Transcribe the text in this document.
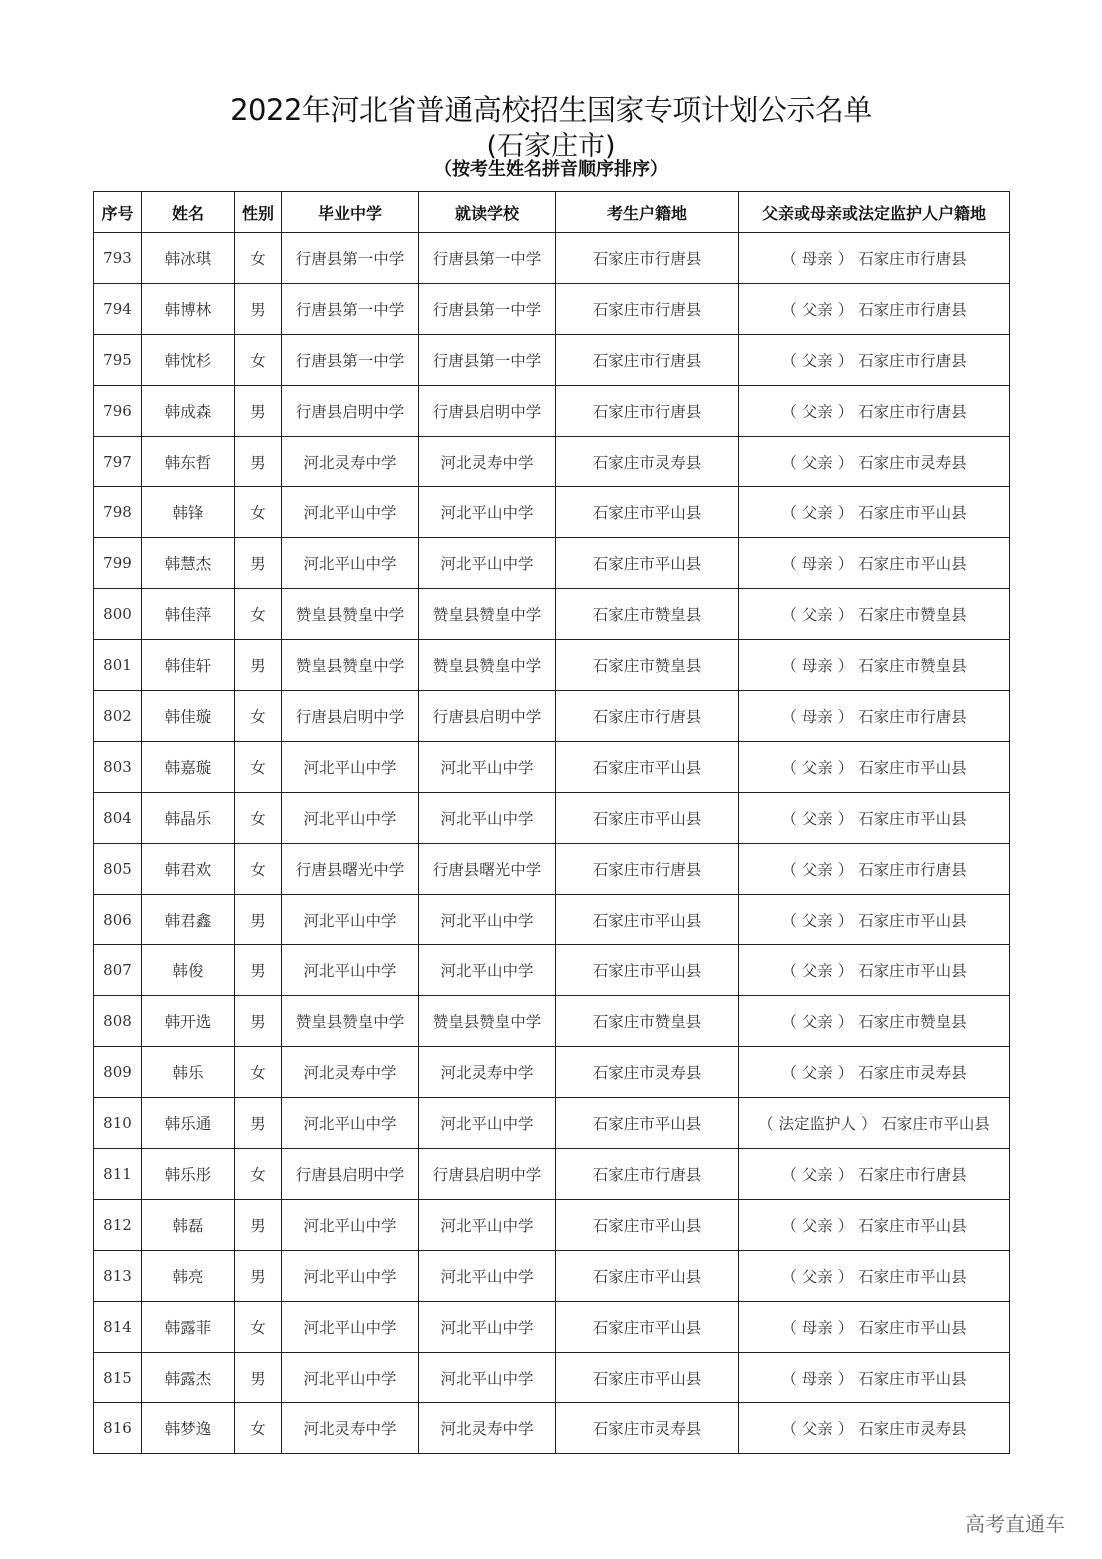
2022年河北省普通高校招生国家专项计划公示名单
(石家庄市)
（按考生姓名拼音顺序排序）
序号	姓名	性别	毕业中学	就读学校	考生户籍地	父亲或母亲或法定监护人户籍地
793	韩冰琪	女	行唐县第一中学	行唐县第一中学	石家庄市行唐县	（ 母亲 ） 石家庄市行唐县
794	韩博林	男	行唐县第一中学	行唐县第一中学	石家庄市行唐县	（ 父亲 ） 石家庄市行唐县
795	韩忱杉	女	行唐县第一中学	行唐县第一中学	石家庄市行唐县	（ 父亲 ） 石家庄市行唐县
796	韩成森	男	行唐县启明中学	行唐县启明中学	石家庄市行唐县	（ 父亲 ） 石家庄市行唐县
797	韩东哲	男	河北灵寿中学	河北灵寿中学	石家庄市灵寿县	（ 父亲 ） 石家庄市灵寿县
798	韩锋	女	河北平山中学	河北平山中学	石家庄市平山县	（ 父亲 ） 石家庄市平山县
799	韩慧杰	男	河北平山中学	河北平山中学	石家庄市平山县	（ 母亲 ） 石家庄市平山县
800	韩佳萍	女	赞皇县赞皇中学	赞皇县赞皇中学	石家庄市赞皇县	（ 父亲 ） 石家庄市赞皇县
801	韩佳轩	男	赞皇县赞皇中学	赞皇县赞皇中学	石家庄市赞皇县	（ 母亲 ） 石家庄市赞皇县
802	韩佳璇	女	行唐县启明中学	行唐县启明中学	石家庄市行唐县	（ 母亲 ） 石家庄市行唐县
803	韩嘉璇	女	河北平山中学	河北平山中学	石家庄市平山县	（ 父亲 ） 石家庄市平山县
804	韩晶乐	女	河北平山中学	河北平山中学	石家庄市平山县	（ 父亲 ） 石家庄市平山县
805	韩君欢	女	行唐县曙光中学	行唐县曙光中学	石家庄市行唐县	（ 父亲 ） 石家庄市行唐县
806	韩君鑫	男	河北平山中学	河北平山中学	石家庄市平山县	（ 父亲 ） 石家庄市平山县
807	韩俊	男	河北平山中学	河北平山中学	石家庄市平山县	（ 父亲 ） 石家庄市平山县
808	韩开选	男	赞皇县赞皇中学	赞皇县赞皇中学	石家庄市赞皇县	（ 父亲 ） 石家庄市赞皇县
809	韩乐	女	河北灵寿中学	河北灵寿中学	石家庄市灵寿县	（ 父亲 ） 石家庄市灵寿县
810	韩乐通	男	河北平山中学	河北平山中学	石家庄市平山县	（ 法定监护人 ） 石家庄市平山县
811	韩乐彤	女	行唐县启明中学	行唐县启明中学	石家庄市行唐县	（ 父亲 ） 石家庄市行唐县
812	韩磊	男	河北平山中学	河北平山中学	石家庄市平山县	（ 父亲 ） 石家庄市平山县
813	韩亮	男	河北平山中学	河北平山中学	石家庄市平山县	（ 父亲 ） 石家庄市平山县
814	韩露菲	女	河北平山中学	河北平山中学	石家庄市平山县	（ 母亲 ） 石家庄市平山县
815	韩露杰	男	河北平山中学	河北平山中学	石家庄市平山县	（ 母亲 ） 石家庄市平山县
816	韩梦逸	女	河北灵寿中学	河北灵寿中学	石家庄市灵寿县	（ 父亲 ） 石家庄市灵寿县
高考直通车
